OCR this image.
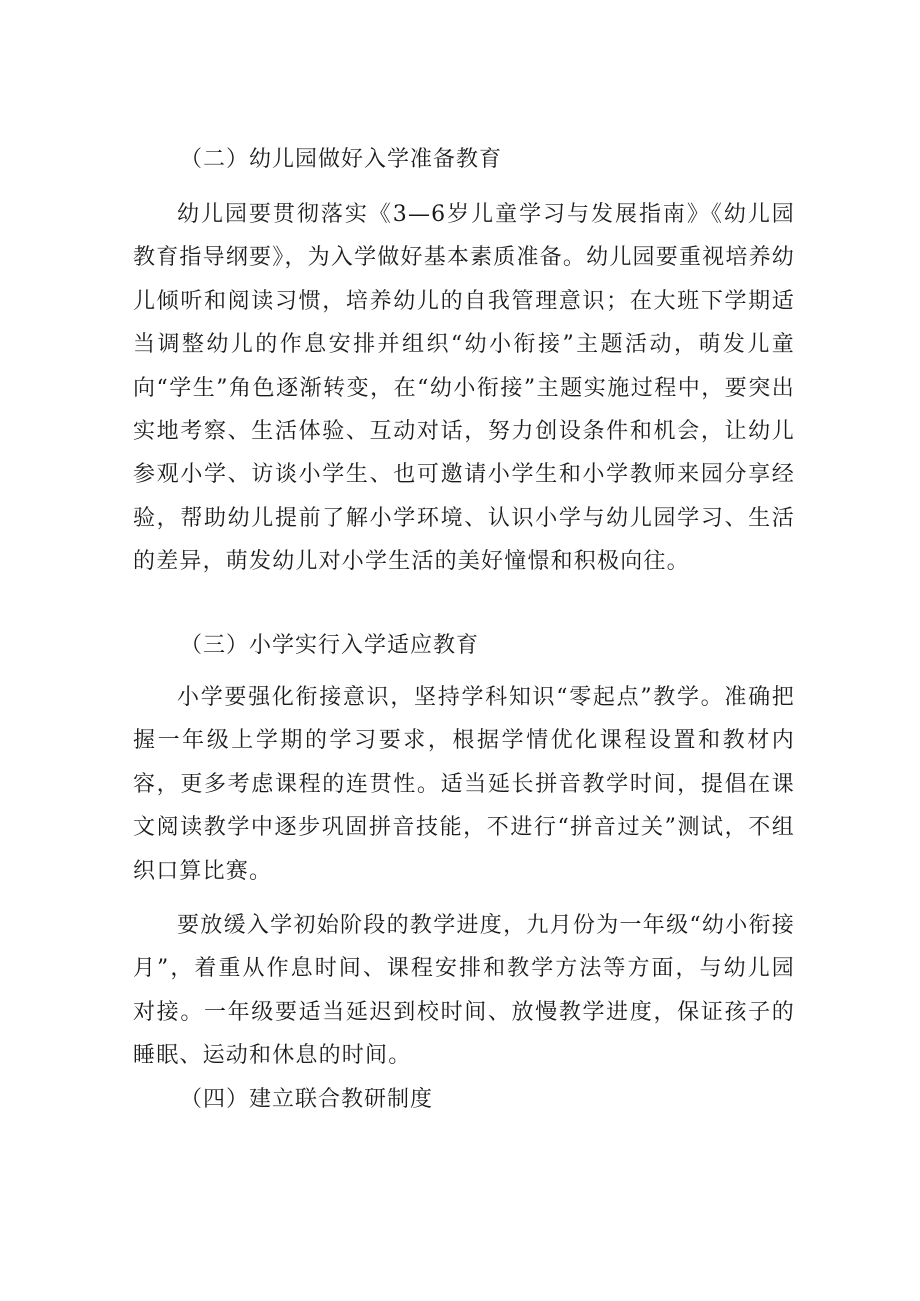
（二）幼儿园做好入学准备教育

幼儿园要贯彻落实《3—6岁儿童学习与发展指南》《幼儿园教育指导纲要》，为入学做好基本素质准备。幼儿园要重视培养幼儿倾听和阅读习惯，培养幼儿的自我管理意识；在大班下学期适当调整幼儿的作息安排并组织“幼小衔接”主题活动，萌发儿童向“学生”角色逐渐转变，在“幼小衔接”主题实施过程中，要突出实地考察、生活体验、互动对话，努力创设条件和机会，让幼儿参观小学、访谈小学生、也可邀请小学生和小学教师来园分享经验，帮助幼儿提前了解小学环境、认识小学与幼儿园学习、生活的差异，萌发幼儿对小学生活的美好憧憬和积极向往。

（三）小学实行入学适应教育

小学要强化衔接意识，坚持学科知识“零起点”教学。准确把握一年级上学期的学习要求，根据学情优化课程设置和教材内容，更多考虑课程的连贯性。适当延长拼音教学时间，提倡在课文阅读教学中逐步巩固拼音技能，不进行“拼音过关”测试，不组织口算比赛。

要放缓入学初始阶段的教学进度，九月份为一年级“幼小衔接月”，着重从作息时间、课程安排和教学方法等方面，与幼儿园对接。一年级要适当延迟到校时间、放慢教学进度，保证孩子的睡眠、运动和休息的时间。

（四）建立联合教研制度
